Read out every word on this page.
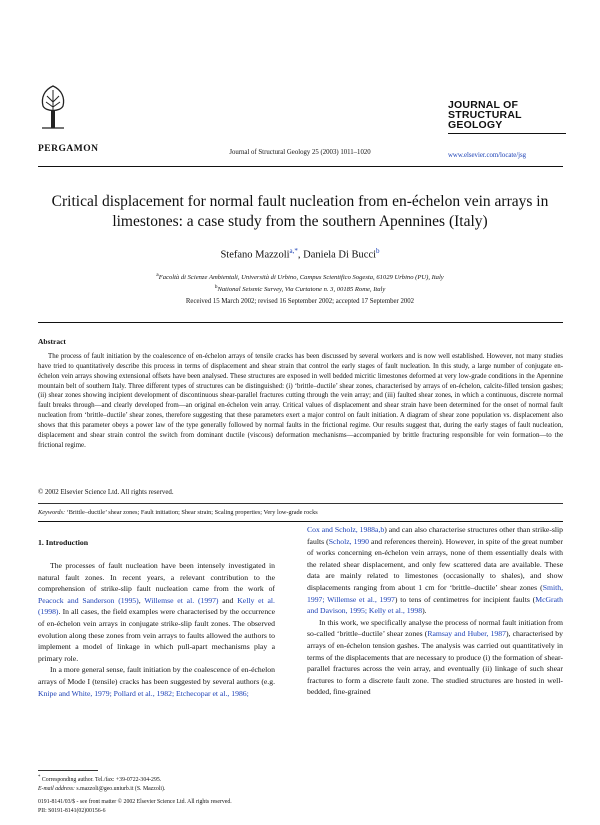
PERGAMON	Journal of Structural Geology 25 (2003) 1011–1020
JOURNAL OF
STRUCTURAL
GEOLOGY
www.elsevier.com/locate/jsg
Critical displacement for normal fault nucleation from en-échelon vein arrays in limestones: a case study from the southern Apennines (Italy)
Stefano Mazzoli$^{a,*}$, Daniela Di Bucci$^b$
$^a$Facoltà di Scienze Ambientali, Università di Urbino, Campus Scientifico Sogesta, 61029 Urbino (PU), Italy
$^b$National Seismic Survey, Via Curtatone n. 3, 00185 Rome, Italy
Received 15 March 2002; revised 16 September 2002; accepted 17 September 2002
Abstract
The process of fault initiation by the coalescence of en-échelon arrays of tensile cracks has been discussed by several workers and is now well established. However, not many studies have tried to quantitatively describe this process in terms of displacement and shear strain that control the early stages of fault nucleation. In this study, a large number of conjugate en-échelon vein arrays showing extensional offsets have been analysed. These structures are exposed in well bedded micritic limestones deformed at very low-grade conditions in the Apennine mountain belt of southern Italy. Three different types of structures can be distinguished: (i) ‘brittle–ductile’ shear zones, characterised by arrays of en-échelon, calcite-filled tension gashes; (ii) shear zones showing incipient development of discontinuous shear-parallel fractures cutting through the vein array; and (iii) faulted shear zones, in which a continuous, discrete normal fault breaks through—and clearly developed from—an original en-échelon vein array. Critical values of displacement and shear strain have been determined for the onset of normal fault nucleation from ‘brittle–ductile’ shear zones, therefore suggesting that these parameters exert a major control on fault initiation. A diagram of shear zone population vs. displacement also shows that this parameter obeys a power law of the type generally followed by normal faults in the frictional regime. Our results suggest that, during the early stages of fault nucleation, displacement and shear strain control the switch from dominant ductile (viscous) deformation mechanisms—accompanied by brittle fracturing responsible for vein formation—to the frictional regime.
© 2002 Elsevier Science Ltd. All rights reserved.
Keywords: ‘Brittle–ductile’ shear zones; Fault initiation; Shear strain; Scaling properties; Very low-grade rocks
1. Introduction

The processes of fault nucleation have been intensely investigated in natural fault zones. In recent years, a relevant contribution to the comprehension of strike-slip fault nucleation came from the work of Peacock and Sanderson (1995), Willemse et al. (1997) and Kelly et al. (1998). In all cases, the field examples were characterised by the occurrence of en-échelon vein arrays in conjugate strike-slip fault zones. The observed evolution along these zones from vein arrays to faults allowed the authors to implement a model of linkage in which pull-apart mechanisms play a primary role.

In a more general sense, fault initiation by the coalescence of en-échelon arrays of Mode I (tensile) cracks has been suggested by several authors (e.g. Knipe and White, 1979; Pollard et al., 1982; Etchecopar et al., 1986;

Cox and Scholz, 1988a,b) and can also characterise structures other than strike-slip faults (Scholz, 1990 and references therein). However, in spite of the great number of works concerning en-échelon vein arrays, none of them essentially deals with the related shear displacement, and only few scattered data are available. These data are mainly related to limestones (occasionally to shales), and show displacements ranging from about 1 cm for ‘brittle–ductile’ shear zones (Smith, 1997; Willemse et al., 1997) to tens of centimetres for incipient faults (McGrath and Davison, 1995; Kelly et al., 1998).

In this work, we specifically analyse the process of normal fault initiation from so-called ‘brittle–ductile’ shear zones (Ramsay and Huber, 1987), characterised by arrays of en-échelon tension gashes. The analysis was carried out quantitatively in terms of the displacements that are necessary to produce (i) the formation of shear-parallel fractures across the vein array, and eventually (ii) linkage of such shear fractures to form a discrete fault zone. The studied structures are hosted in well-bedded, fine-grained

* Corresponding author. Tel./fax: +39-0722-304-295.
E-mail address: s.mazzoli@geo.uniurb.it (S. Mazzoli).
0191-8141/03/$ - see front matter © 2002 Elsevier Science Ltd. All rights reserved.
PII: S0191-8141(02)00156-6
